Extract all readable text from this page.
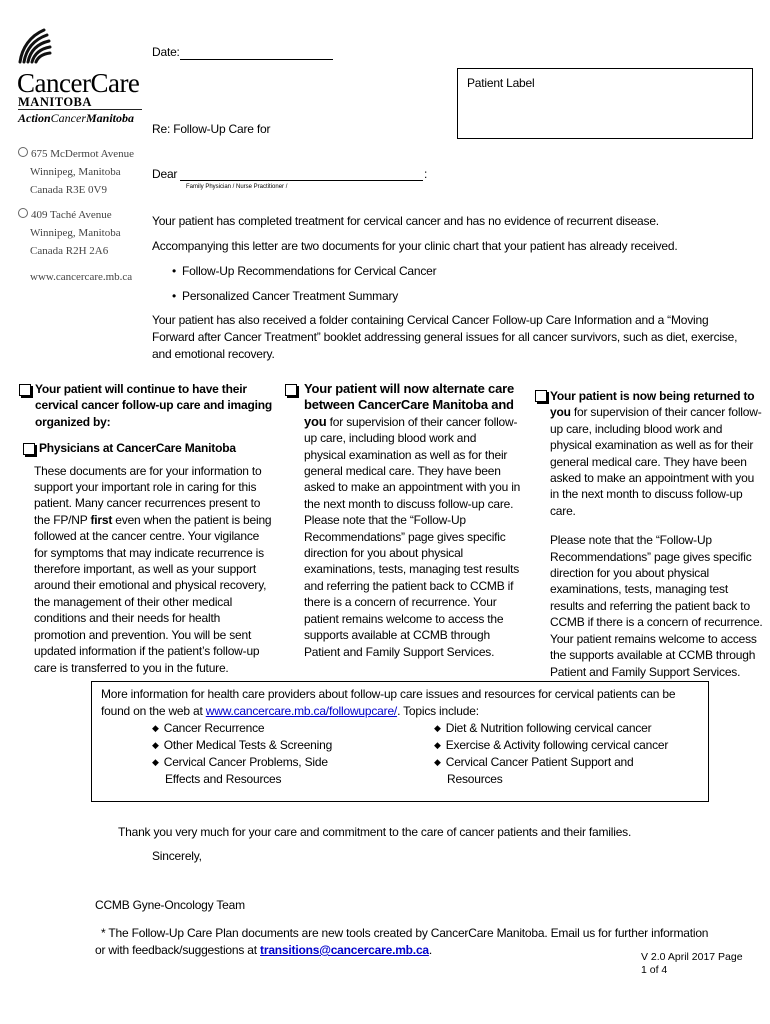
CancerCare
MANITOBA
ActionCancerManitoba
675 McDermot Avenue
Winnipeg, Manitoba
Canada R3E 0V9
409 Taché Avenue
Winnipeg, Manitoba
Canada R2H 2A6
www.cancercare.mb.ca
Date:
Patient Label
Re: Follow-Up Care for
Dear	:
Family Physician / Nurse Practitioner /
Your patient has completed treatment for cervical cancer and has no evidence of recurrent disease.
Accompanying this letter are two documents for your clinic chart that your patient has already received.
• Follow-Up Recommendations for Cervical Cancer
• Personalized Cancer Treatment Summary
Your patient has also received a folder containing Cervical Cancer Follow-up Care Information and a “Moving Forward after Cancer Treatment” booklet addressing general issues for all cancer survivors, such as diet, exercise, and emotional recovery.
Your patient will continue to have their cervical cancer follow-up care and imaging organized by:
Physicians at CancerCare Manitoba
These documents are for your information to support your important role in caring for this patient. Many cancer recurrences present to the FP/NP first even when the patient is being followed at the cancer centre. Your vigilance for symptoms that may indicate recurrence is therefore important, as well as your support around their emotional and physical recovery, the management of their other medical conditions and their needs for health promotion and prevention. You will be sent updated information if the patient’s follow-up care is transferred to you in the future.
Your patient will now alternate care between CancerCare Manitoba and you for supervision of their cancer follow-up care, including blood work and physical examination as well as for their general medical care. They have been asked to make an appointment with you in the next month to discuss follow-up care.
Please note that the “Follow-Up Recommendations” page gives specific direction for you about physical examinations, tests, managing test results and referring the patient back to CCMB if there is a concern of recurrence. Your patient remains welcome to access the supports available at CCMB through Patient and Family Support Services.
Your patient is now being returned to
you for supervision of their cancer follow-up care, including blood work and physical examination as well as for their general medical care. They have been asked to make an appointment with you in the next month to discuss follow-up care.
Please note that the “Follow-Up Recommendations” page gives specific direction for you about physical examinations, tests, managing test results and referring the patient back to CCMB if there is a concern of recurrence. Your patient remains welcome to access the supports available at CCMB through Patient and Family Support Services.
More information for health care providers about follow-up care issues and resources for cervical patients can be found on the web at www.cancercare.mb.ca/followupcare/. Topics include:
◆ Cancer Recurrence
◆ Other Medical Tests & Screening
◆ Cervical Cancer Problems, Side Effects and Resources
◆ Diet & Nutrition following cervical cancer
◆ Exercise & Activity following cervical cancer
◆ Cervical Cancer Patient Support and Resources
Thank you very much for your care and commitment to the care of cancer patients and their families.
Sincerely,
CCMB Gyne-Oncology Team
* The Follow-Up Care Plan documents are new tools created by CancerCare Manitoba. Email us for further information
or with feedback/suggestions at transitions@cancercare.mb.ca.	V 2.0 April 2017 Page
1 of 4
